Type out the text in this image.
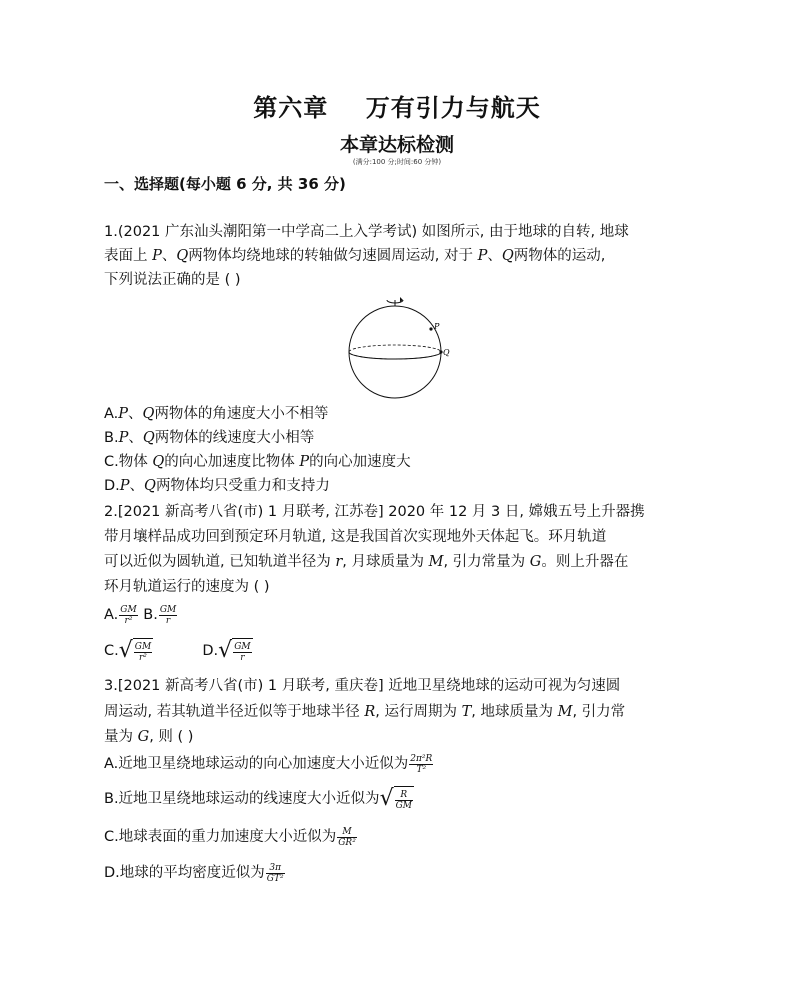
第六章    万有引力与航天
本章达标检测
(满分:100 分;时间:60 分钟)
一、选择题(每小题 6 分, 共 36 分)
1.(2021 广东汕头潮阳第一中学高二上入学考试) 如图所示, 由于地球的自转, 地球
表面上 P、Q两物体均绕地球的转轴做匀速圆周运动, 对于 P、Q两物体的运动,
下列说法正确的是 ( )
P
Q
A.P、Q两物体的角速度大小不相等
B.P、Q两物体的线速度大小相等
C.物体 Q的向心加速度比物体 P的向心加速度大
D.P、Q两物体均只受重力和支持力
2.[2021 新高考八省(市) 1 月联考, 江苏卷] 2020 年 12 月 3 日, 嫦娥五号上升器携
带月壤样品成功回到预定环月轨道, 这是我国首次实现地外天体起飞。环月轨道
可以近似为圆轨道, 已知轨道半径为 r, 月球质量为 M, 引力常量为 G。则上升器在
环月轨道运行的速度为 ( )
A. $\frac{GM}{\text{r²}} B$. $\frac{GM}{r}$
C. √ $\frac{GM}{\text{r²}}$	D. √ $\frac{GM}{r}$
3.[2021 新高考八省(市) 1 月联考, 重庆卷] 近地卫星绕地球的运动可视为匀速圆
周运动, 若其轨道半径近似等于地球半径 R, 运行周期为 T, 地球质量为 M, 引力常
量为 G, 则 ( )
A.近地卫星绕地球运动的向心加速度大小近似为 $\frac{\text{2π²R}}{\text{T²}}$
B.近地卫星绕地球运动的线速度大小近似为 √ $\frac{R}{GM}$
C.地球表面的重力加速度大小近似为 $\frac{M}{\text{GR²}}$
D.地球的平均密度近似为 $\frac{3\pi}{\text{GT²}}$
